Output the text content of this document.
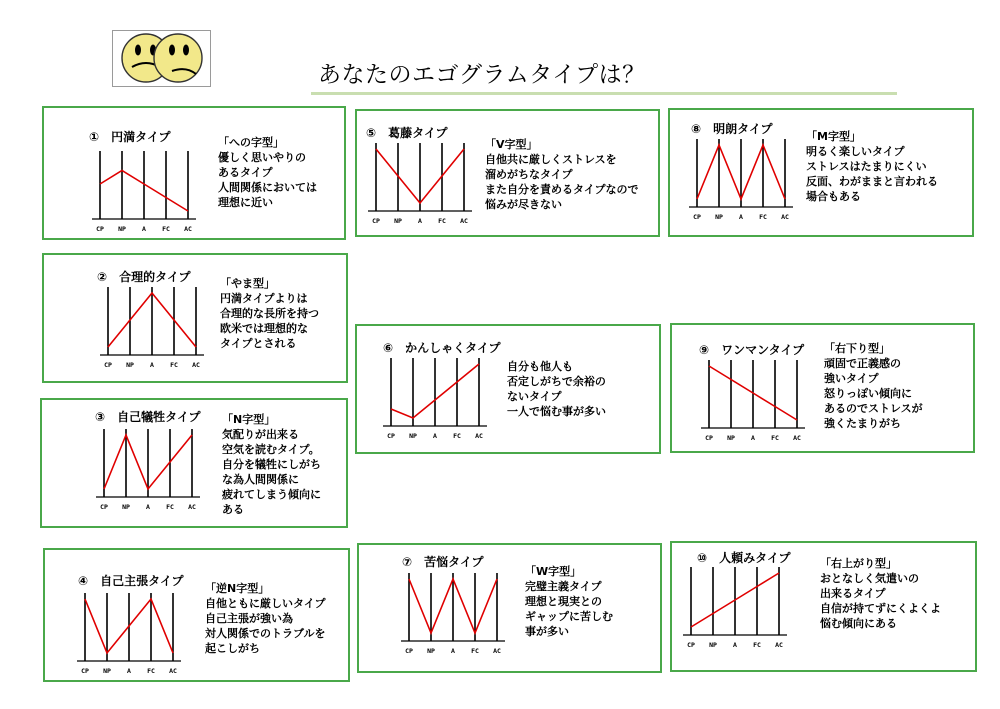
あなたのエゴグラムタイプは？
①　円満タイプ	「への字型」
優しく思いやりの
あるタイプ
人間関係においては
理想に近い
CP NP A FC AC
②　合理的タイプ	「やま型」
円満タイプよりは
合理的な長所を持つ
欧米では理想的な
タイプとされる
CP NP A FC AC
③　自己犠牲タイプ 「N字型」
気配りが出来る
空気を読むタイプ。
自分を犠牲にしがち
な為人間関係に
疲れてしまう傾向に
ある
CP NP A FC AC
④　自己主張タイプ
「逆N字型」
自他ともに厳しいタイプ
自己主張が強い為
対人関係でのトラブルを
起こしがち
CP NP A FC AC
⑤　葛藤タイプ
「V字型」
自他共に厳しくストレスを
溜めがちなタイプ
また自分を責めるタイプなので
悩みが尽きない
CP NP A FC AC
⑥　かんしゃくタイプ
自分も他人も
否定しがちで余裕の
ないタイプ
一人で悩む事が多い
CP NP A FC AC
⑦　苦悩タイプ
「W字型」
完璧主義タイプ
理想と現実との
ギャップに苦しむ
事が多い
CP NP A FC AC
⑧　明朗タイプ
「M字型」
明るく楽しいタイプ
ストレスはたまりにくい
反面、わがままと言われる
場合もある
CP NP A FC AC
⑨　ワンマンタイプ 「右下り型」
頑固で正義感の
強いタイプ
怒りっぽい傾向に
あるのでストレスが
強くたまりがち
CP NP A FC AC
⑩　人頼みタイプ	「右上がり型」
おとなしく気遣いの
出来るタイプ
自信が持てずにくよくよ
悩む傾向にある
CP NP A FC AC
